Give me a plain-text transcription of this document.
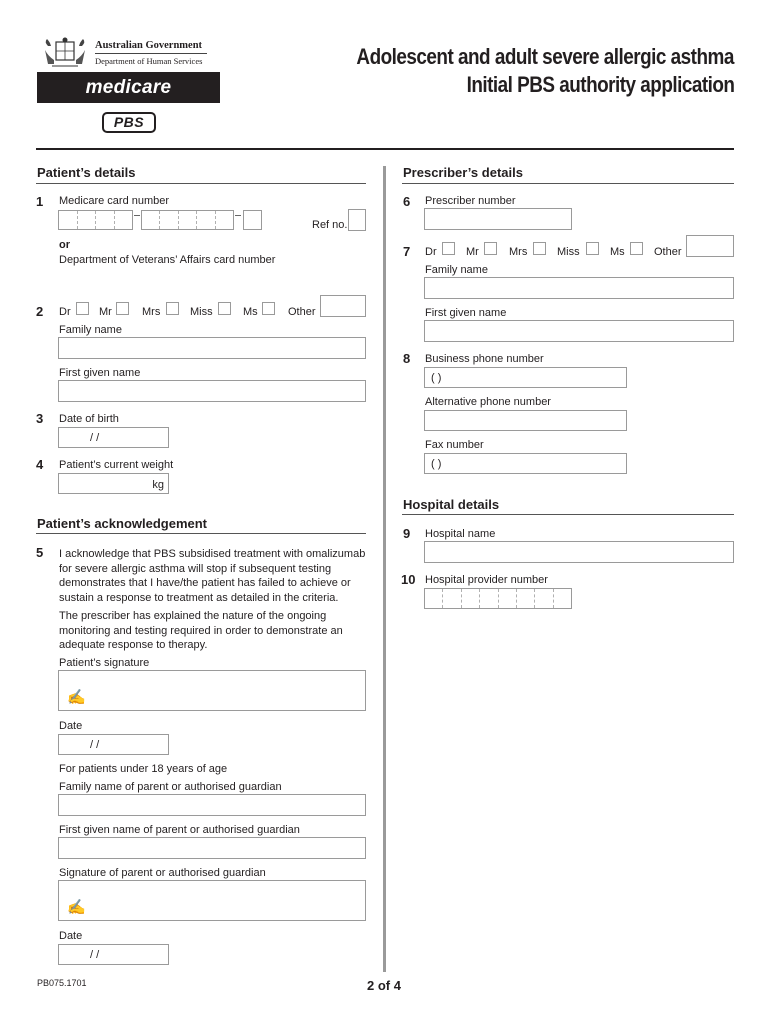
Australian Government
Department of Human Services
medicare
PBS
Adolescent and adult severe allergic asthma
Initial PBS authority application
Patient’s details
1 Medicare card number
Ref no.
or
Department of Veterans’ Affairs card number
2 Dr	Mr	Mrs	Miss	Ms	Other
Family name
First given name
3 Date of birth
/ /
4 Patient’s current weight
kg
Patient’s acknowledgement
5 I acknowledge that PBS subsidised treatment with omalizumab
for severe allergic asthma will stop if subsequent testing
demonstrates that I have/the patient has failed to achieve or
sustain a response to treatment as detailed in the criteria.
The prescriber has explained the nature of the ongoing
monitoring and testing required in order to demonstrate an
adequate response to therapy.
Patient’s signature
✍
Date
/ /
For patients under 18 years of age
Family name of parent or authorised guardian
First given name of parent or authorised guardian
Signature of parent or authorised guardian
✍
Date
/ /
Prescriber’s details
6 Prescriber number
7 Dr	Mr	Mrs	Miss	Ms	Other
Family name
First given name
8 Business phone number
( )
Alternative phone number
Fax number
( )
Hospital details
9 Hospital name
10 Hospital provider number
PB075.1701	2 of 4
